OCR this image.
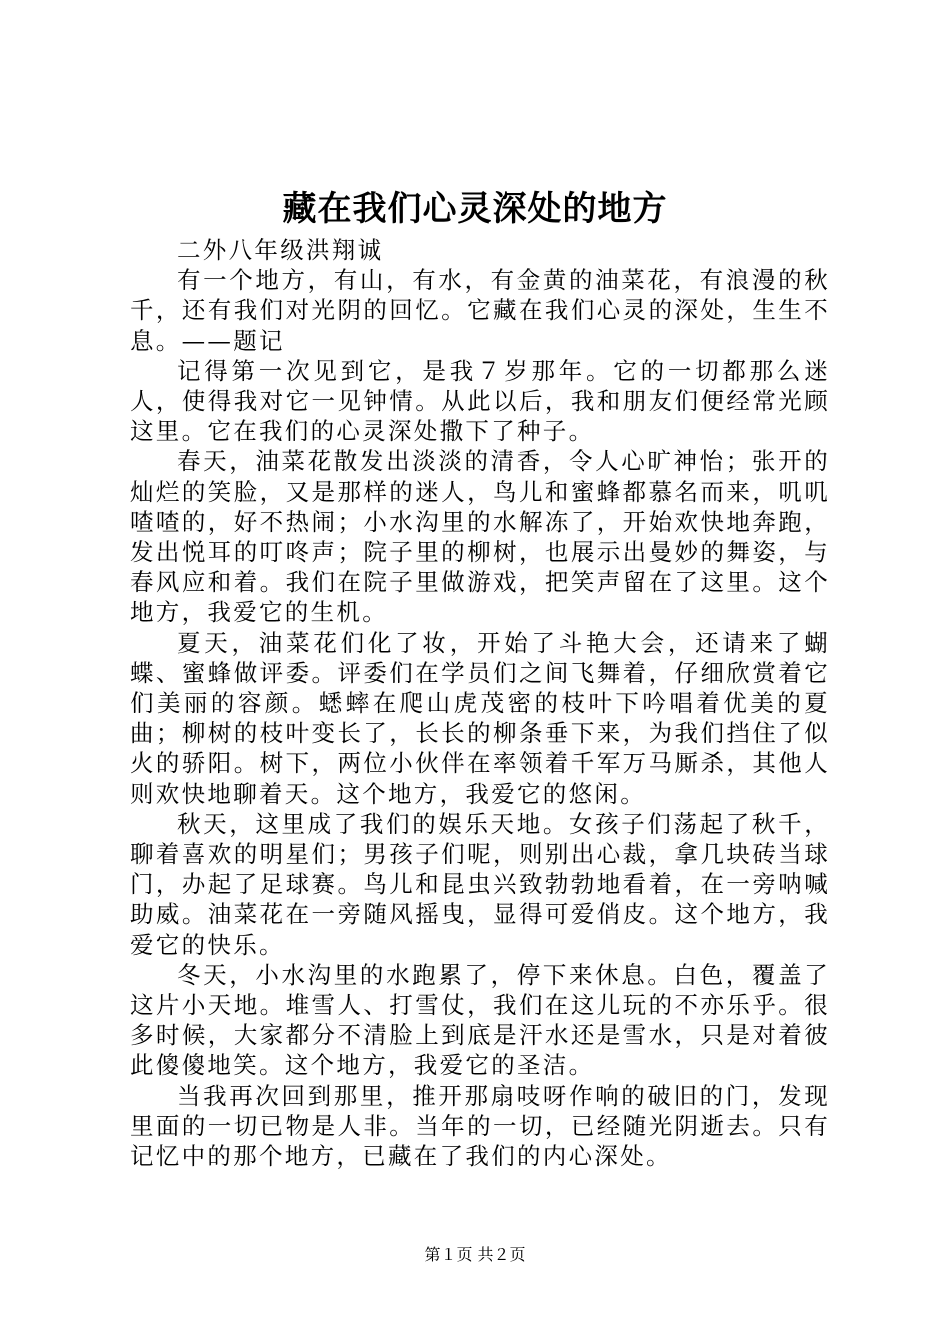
藏在我们心灵深处的地方

二外八年级洪翔诚

有一个地方，有山，有水，有金黄的油菜花，有浪漫的秋千，还有我们对光阴的回忆。它藏在我们心灵的深处，生生不息。——题记

记得第一次见到它，是我７岁那年。它的一切都那么迷人，使得我对它一见钟情。从此以后，我和朋友们便经常光顾这里。它在我们的心灵深处撒下了种子。

春天，油菜花散发出淡淡的清香，令人心旷神怡；张开的灿烂的笑脸，又是那样的迷人，鸟儿和蜜蜂都慕名而来，叽叽喳喳的，好不热闹；小水沟里的水解冻了，开始欢快地奔跑，发出悦耳的叮咚声；院子里的柳树，也展示出曼妙的舞姿，与春风应和着。我们在院子里做游戏，把笑声留在了这里。这个地方，我爱它的生机。

夏天，油菜花们化了妆，开始了斗艳大会，还请来了蝴蝶、蜜蜂做评委。评委们在学员们之间飞舞着，仔细欣赏着它们美丽的容颜。蟋蟀在爬山虎茂密的枝叶下吟唱着优美的夏曲；柳树的枝叶变长了，长长的柳条垂下来，为我们挡住了似火的骄阳。树下，两位小伙伴在率领着千军万马厮杀，其他人则欢快地聊着天。这个地方，我爱它的悠闲。

秋天，这里成了我们的娱乐天地。女孩子们荡起了秋千，聊着喜欢的明星们；男孩子们呢，则别出心裁，拿几块砖当球门，办起了足球赛。鸟儿和昆虫兴致勃勃地看着，在一旁呐喊助威。油菜花在一旁随风摇曳，显得可爱俏皮。这个地方，我爱它的快乐。

冬天，小水沟里的水跑累了，停下来休息。白色，覆盖了这片小天地。堆雪人、打雪仗，我们在这儿玩的不亦乐乎。很多时候，大家都分不清脸上到底是汗水还是雪水，只是对着彼此傻傻地笑。这个地方，我爱它的圣洁。

当我再次回到那里，推开那扇吱呀作响的破旧的门，发现里面的一切已物是人非。当年的一切，已经随光阴逝去。只有记忆中的那个地方，已藏在了我们的内心深处。

第１页 共２页
